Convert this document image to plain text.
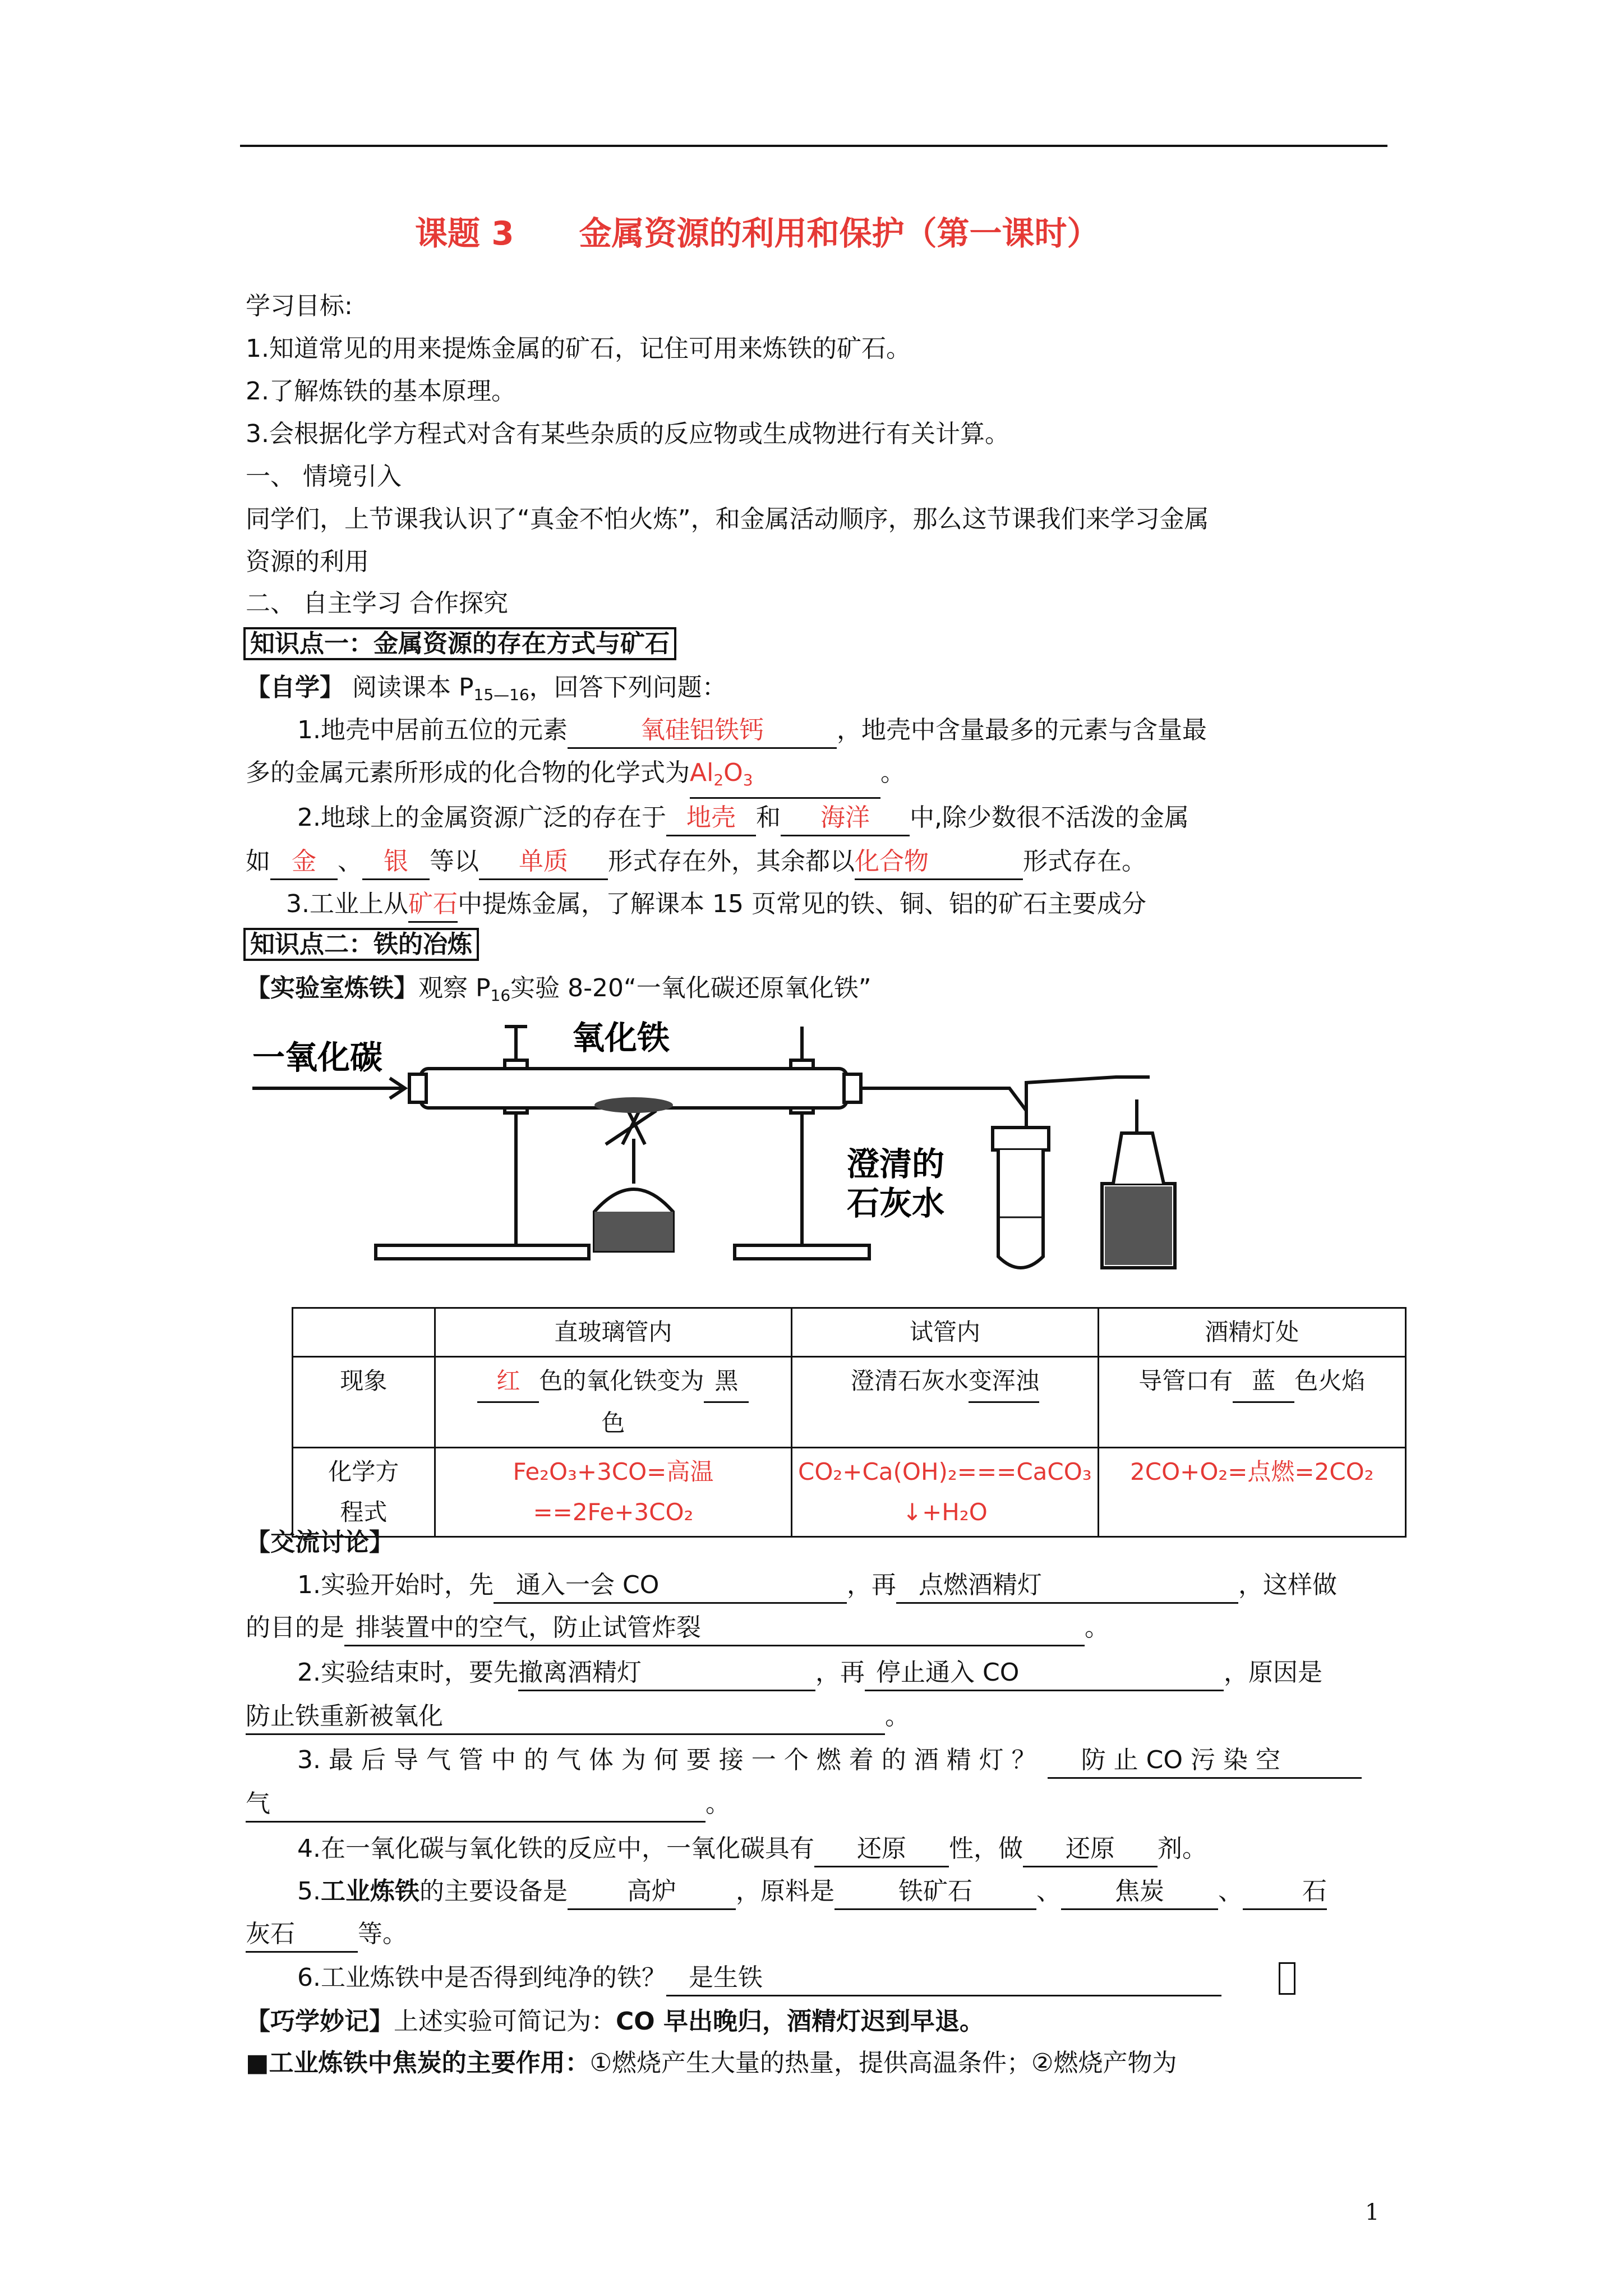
课题 3　　金属资源的利用和保护（第一课时）
学习目标:
1.知道常见的用来提炼金属的矿石，记住可用来炼铁的矿石。
2.了解炼铁的基本原理。
3.会根据化学方程式对含有某些杂质的反应物或生成物进行有关计算。
一、 情境引入
同学们，上节课我认识了“真金不怕火炼”，和金属活动顺序，那么这节课我们来学习金属
资源的利用
二、 自主学习 合作探究
知识点一：金属资源的存在方式与矿石
【自学】 阅读课本 $P_{15—16}$，回答下列问题：
1.地壳中居前五位的元素	氧硅铝铁钙	，地壳中含量最多的元素与含量最
多的金属元素所形成的化合物的化学式为$Al_2O_3$	。
2.地球上的金属资源广泛的存在于 地壳 和 海洋 中,除少数很不活泼的金属
如 金 、 银 等以 单质 形式存在外，其余都以化合物	形式存在。
3.工业上从矿石中提炼金属，了解课本 15 页常见的铁、铜、铝的矿石主要成分
知识点二：铁的冶炼
【实验室炼铁】观察 $P_{16}$实验 8-20“一氧化碳还原氧化铁”
一氧化碳
氧化铁
澄清的
石灰水
	直玻璃管内	试管内	酒精灯处
现象	红 色的氧化铁变为 黑
色	澄清石灰水变浑浊	导管口有 蓝 色火焰
化学方
程式	Fe₂O₃+3CO=高温==2Fe+3CO₂	CO₂+Ca(OH)₂===CaCO₃
↓+H₂O	2CO+O₂=点燃=2CO₂
【交流讨论】
1.实验开始时，先 通入一会 CO	，再 点燃酒精灯	，这样做
的目的是 排装置中的空气，防止试管炸裂	。
2.实验结束时，要先撤离酒精灯	，再 停止通入 CO	，原因是
防止铁重新被氧化	。
3. 最 后 导 气 管 中 的 气 体 为 何 要 接 一 个 燃 着 的 酒 精 灯 ？ 防 止 CO 污 染 空
气	。
4.在一氧化碳与氧化铁的反应中，一氧化碳具有 还原 性，做 还原 剂。
5.工业炼铁的主要设备是 高炉 ，原料是	铁矿石	、 焦炭 、 石
灰石	等。
6.工业炼铁中是否得到纯净的铁？ 是生铁
【巧学妙记】上述实验可简记为：CO 早出晚归，酒精灯迟到早退。
■工业炼铁中焦炭的主要作用：①燃烧产生大量的热量，提供高温条件；②燃烧产物为
1
